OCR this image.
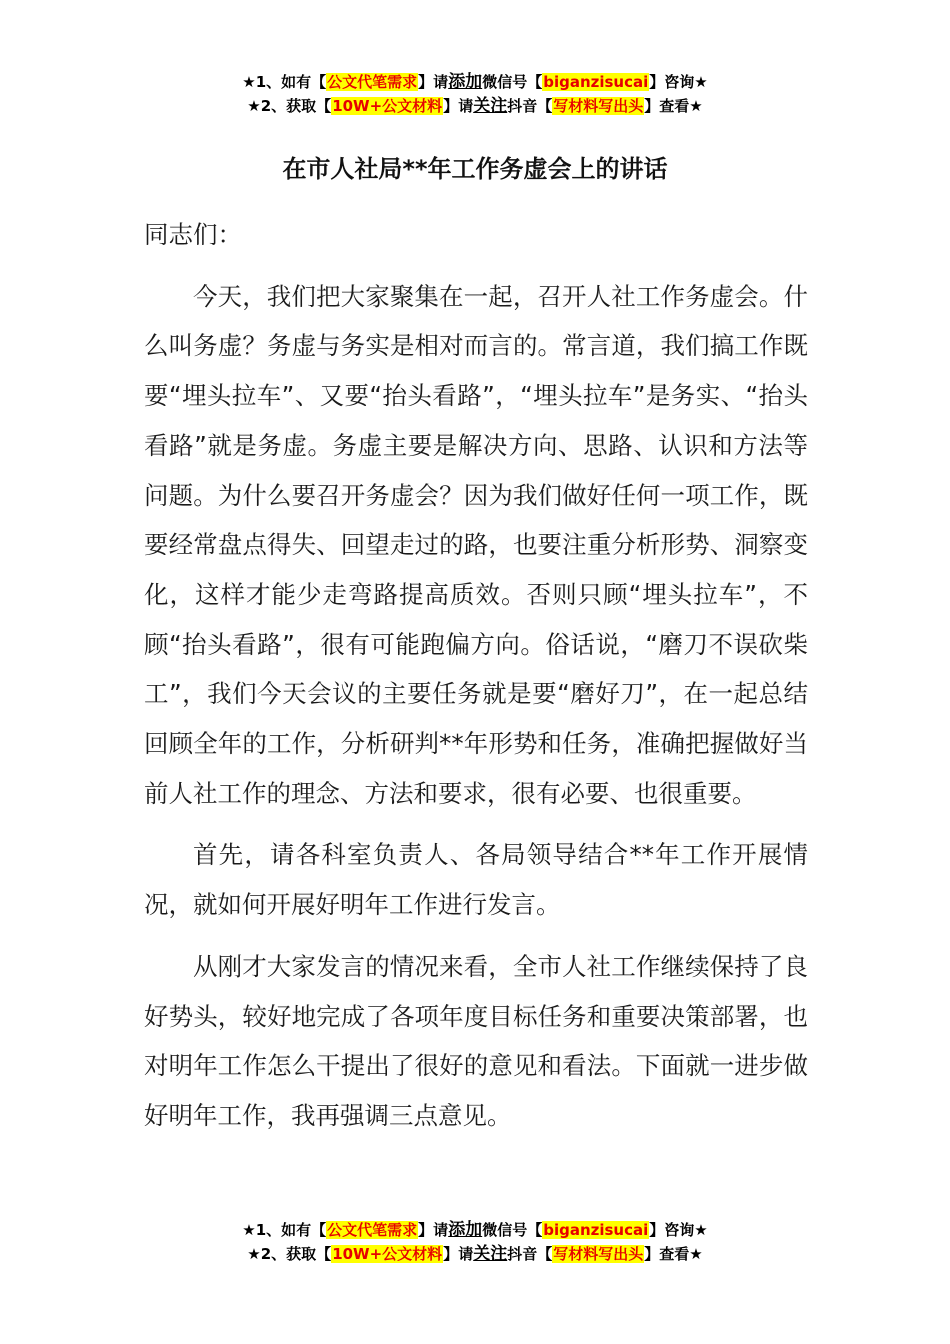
★1、如有【公文代笔需求】请添加微信号【biganzisucai】咨询★
★2、获取【10W+公文材料】请关注抖音【写材料写出头】查看★
在市人社局**年工作务虚会上的讲话

同志们：

今天，我们把大家聚集在一起，召开人社工作务虚会。什么叫务虚？务虚与务实是相对而言的。常言道，我们搞工作既要“埋头拉车”、又要“抬头看路”，“埋头拉车”是务实、“抬头看路”就是务虚。务虚主要是解决方向、思路、认识和方法等问题。为什么要召开务虚会？因为我们做好任何一项工作，既要经常盘点得失、回望走过的路，也要注重分析形势、洞察变化，这样才能少走弯路提高质效。否则只顾“埋头拉车”，不顾“抬头看路”，很有可能跑偏方向。俗话说，“磨刀不误砍柴工”，我们今天会议的主要任务就是要“磨好刀”，在一起总结回顾全年的工作，分析研判**年形势和任务，准确把握做好当前人社工作的理念、方法和要求，很有必要、也很重要。

首先，请各科室负责人、各局领导结合**年工作开展情况，就如何开展好明年工作进行发言。

从刚才大家发言的情况来看，全市人社工作继续保持了良好势头，较好地完成了各项年度目标任务和重要决策部署，也对明年工作怎么干提出了很好的意见和看法。下面就一进步做好明年工作，我再强调三点意见。

★1、如有【公文代笔需求】请添加微信号【biganzisucai】咨询★
★2、获取【10W+公文材料】请关注抖音【写材料写出头】查看★
